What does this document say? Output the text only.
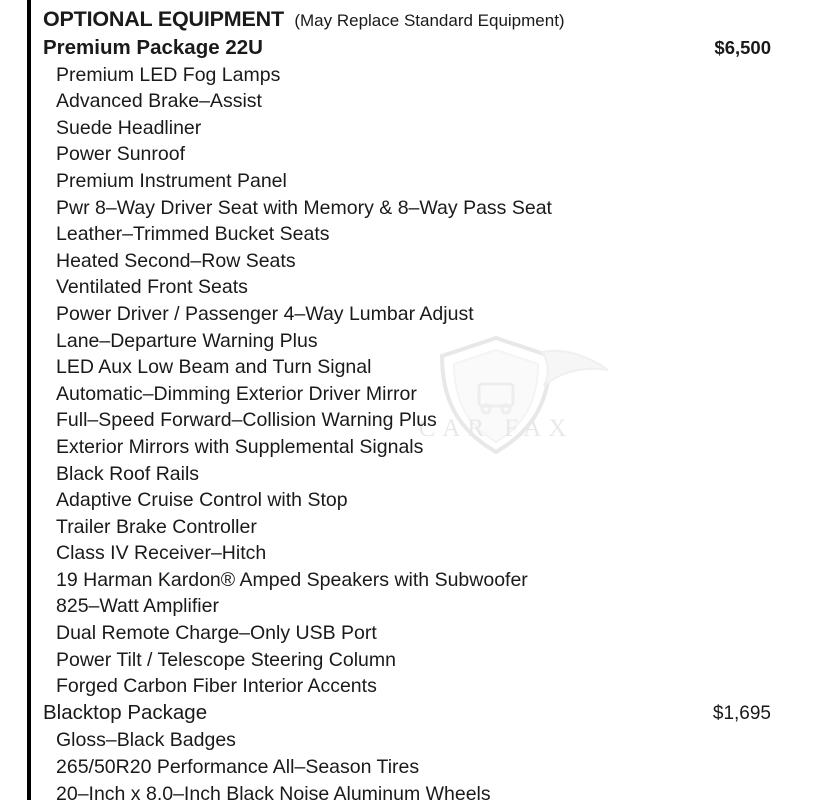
OPTIONAL EQUIPMENT (May Replace Standard Equipment)
Premium Package 22U	$6,500
Premium LED Fog Lamps
Advanced Brake–Assist
Suede Headliner
Power Sunroof
Premium Instrument Panel
Pwr 8–Way Driver Seat with Memory & 8–Way Pass Seat
Leather–Trimmed Bucket Seats
Heated Second–Row Seats
Ventilated Front Seats
Power Driver / Passenger 4–Way Lumbar Adjust
Lane–Departure Warning Plus
LED Aux Low Beam and Turn Signal
Automatic–Dimming Exterior Driver Mirror
Full–Speed Forward–Collision Warning Plus
Exterior Mirrors with Supplemental Signals
Black Roof Rails
Adaptive Cruise Control with Stop
Trailer Brake Controller
Class IV Receiver–Hitch
19 Harman Kardon® Amped Speakers with Subwoofer
825–Watt Amplifier
Dual Remote Charge–Only USB Port
Power Tilt / Telescope Steering Column
Forged Carbon Fiber Interior Accents
Blacktop Package	$1,695
Gloss–Black Badges
265/50R20 Performance All–Season Tires
20–Inch x 8.0–Inch Black Noise Aluminum Wheels
CAR FAX
